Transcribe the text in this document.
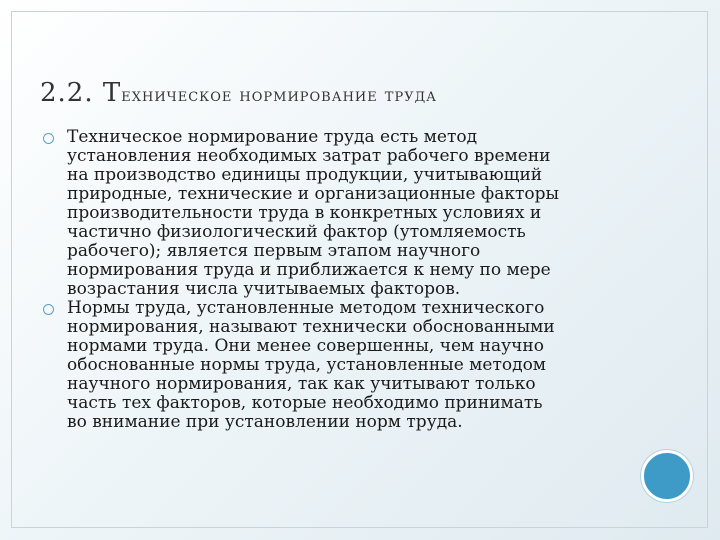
2.2. Техническое нормирование труда
Техническое нормирование труда есть метод
установления необходимых затрат рабочего времени
на производство единицы продукции, учитывающий
природные, технические и организационные факторы
производительности труда в конкретных условиях и
частично физиологический фактор (утомляемость
рабочего); является первым этапом научного
нормирования труда и приближается к нему по мере
возрастания числа учитываемых факторов.
Нормы труда, установленные методом технического
нормирования, называют технически обоснованными
нормами труда. Они менее совершенны, чем научно
обоснованные нормы труда, установленные методом
научного нормирования, так как учитывают только
часть тех факторов, которые необходимо принимать
во внимание при установлении норм труда.
